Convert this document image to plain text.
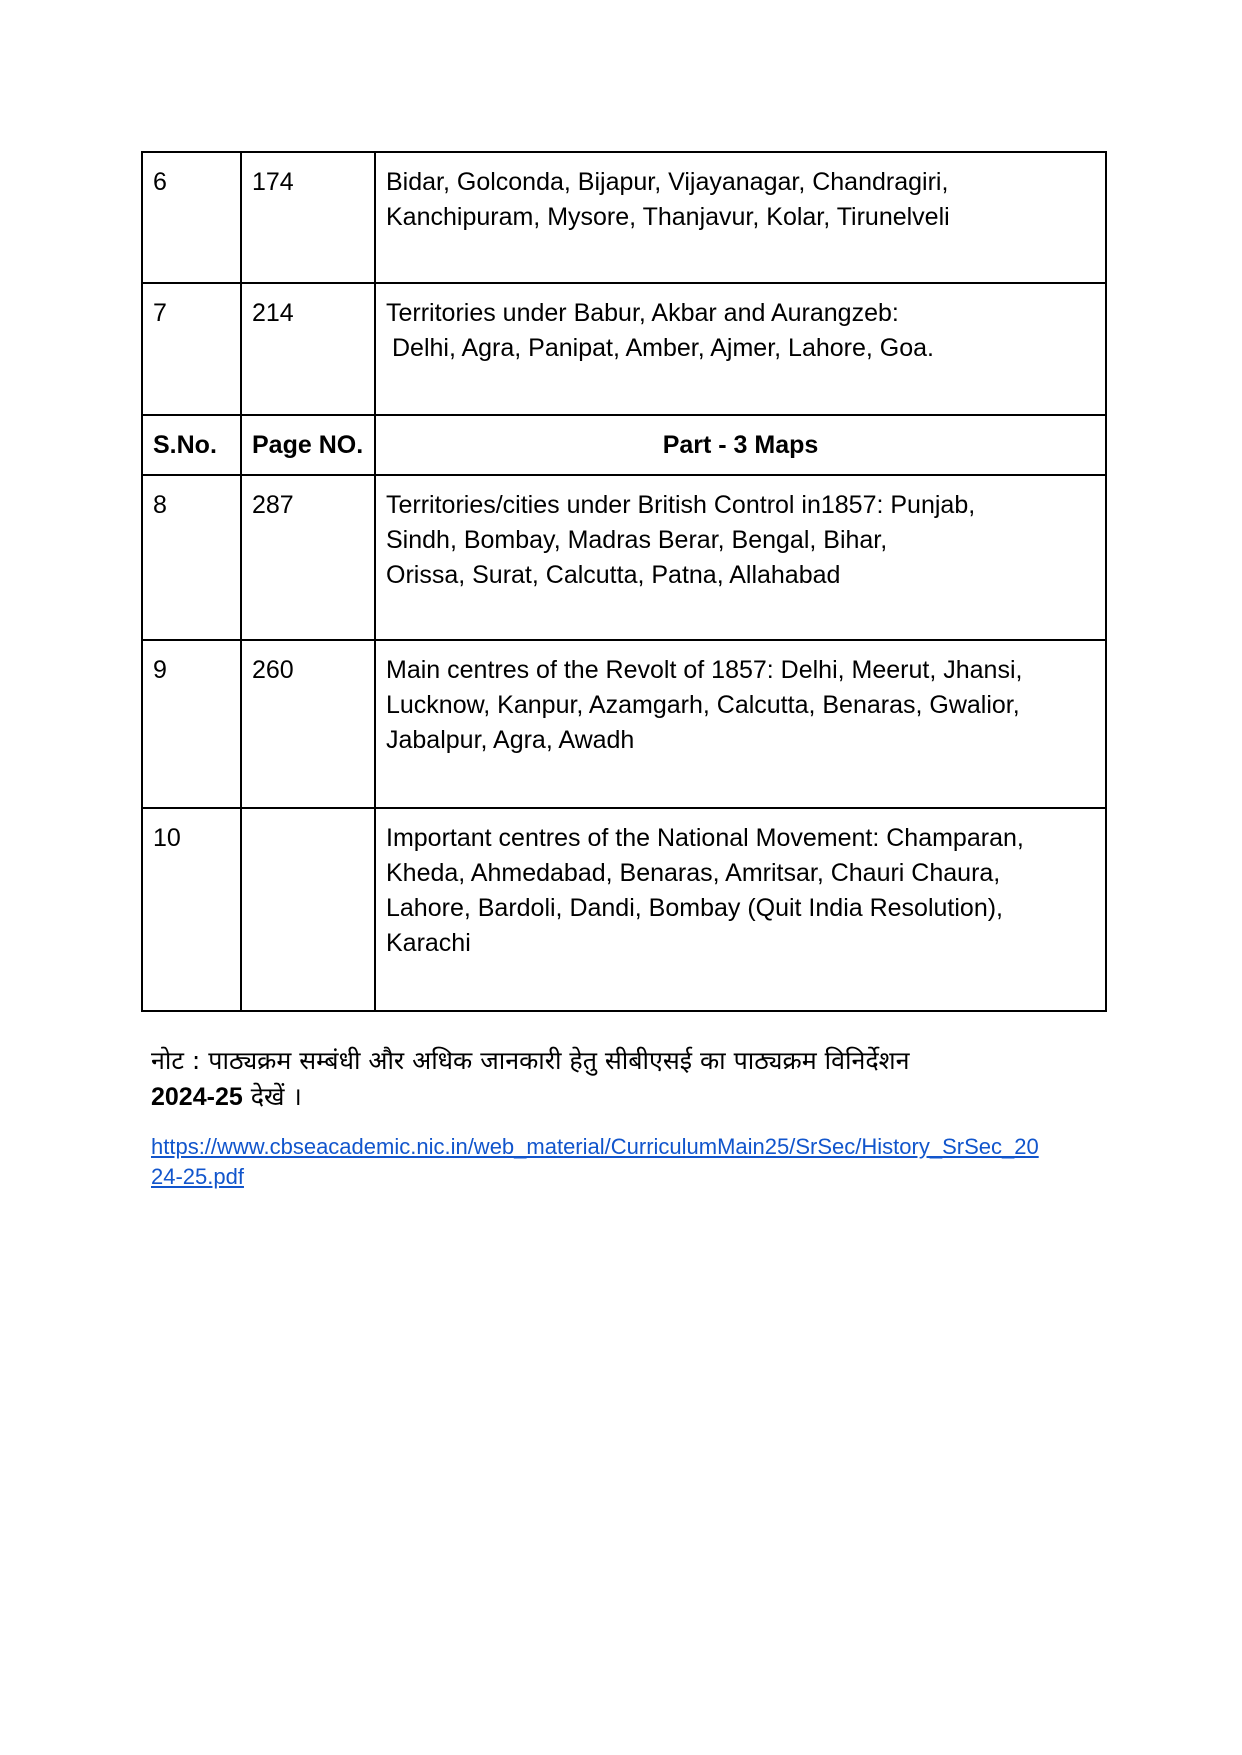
6	174	Bidar, Golconda, Bijapur, Vijayanagar, Chandragiri,
Kanchipuram, Mysore, Thanjavur, Kolar, Tirunelveli

7	214	Territories under Babur, Akbar and Aurangzeb:
Delhi, Agra, Panipat, Amber, Ajmer, Lahore, Goa.

S.No.	Page NO.	Part - 3 Maps
8	287	Territories/cities under British Control in1857: Punjab,
Sindh, Bombay, Madras Berar, Bengal, Bihar,
Orissa, Surat, Calcutta, Patna, Allahabad

9	260	Main centres of the Revolt of 1857: Delhi, Meerut, Jhansi,
Lucknow, Kanpur, Azamgarh, Calcutta, Benaras, Gwalior,
Jabalpur, Agra, Awadh

10		Important centres of the National Movement: Champaran,
Kheda, Ahmedabad, Benaras, Amritsar, Chauri Chaura,
Lahore, Bardoli, Dandi, Bombay (Quit India Resolution),
Karachi
नोट : पाठ्यक्रम सम्बंधी और अधिक जानकारी हेतु सीबीएसई का पाठ्यक्रम विनिर्देशन
2024-25 देखें ।
https://www.cbseacademic.nic.in/web_material/CurriculumMain25/SrSec/History_SrSec_20
24-25.pdf
